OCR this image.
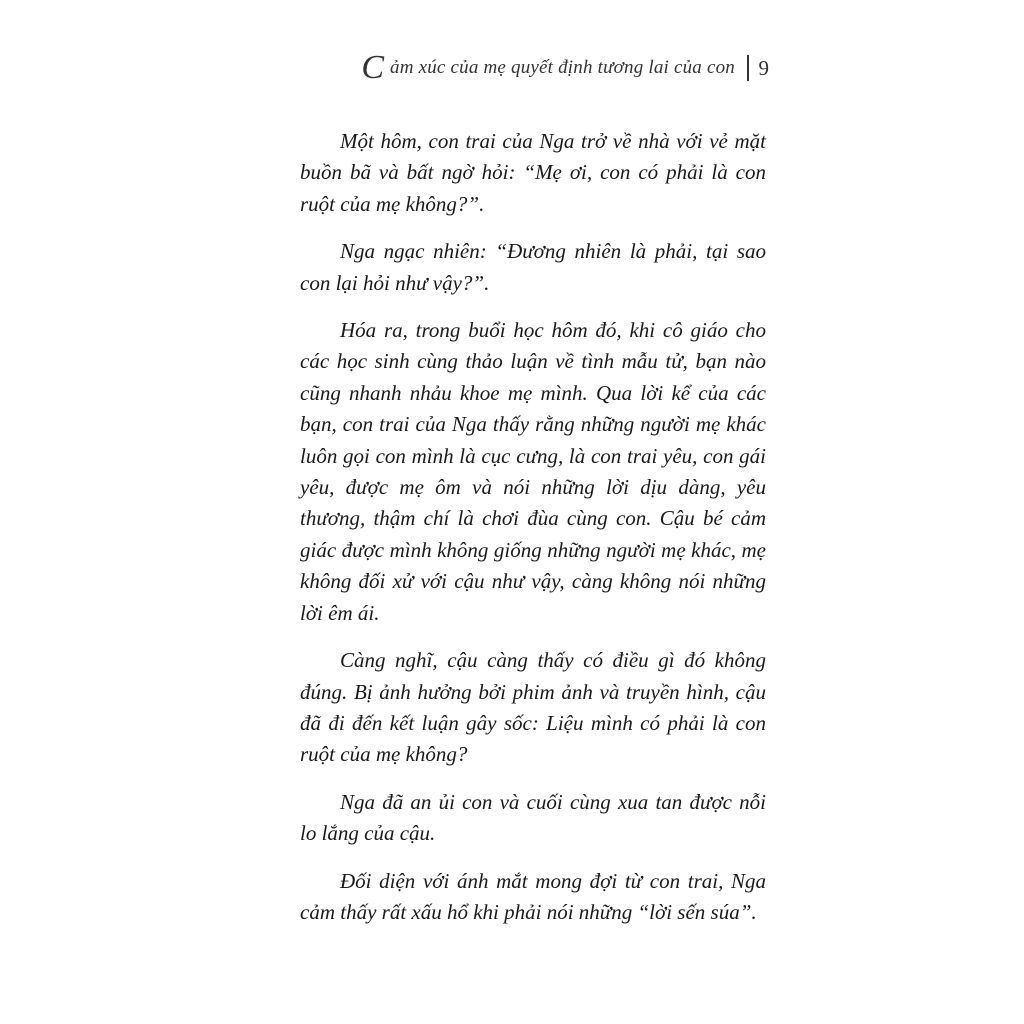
C ảm xúc của mẹ quyết định tương lai của con 9

Một hôm, con trai của Nga trở về nhà với vẻ mặt buồn bã và bất ngờ hỏi: “Mẹ ơi, con có phải là con ruột của mẹ không?”.

Nga ngạc nhiên: “Đương nhiên là phải, tại sao con lại hỏi như vậy?”.

Hóa ra, trong buổi học hôm đó, khi cô giáo cho các học sinh cùng thảo luận về tình mẫu tử, bạn nào cũng nhanh nhảu khoe mẹ mình. Qua lời kể của các bạn, con trai của Nga thấy rằng những người mẹ khác luôn gọi con mình là cục cưng, là con trai yêu, con gái yêu, được mẹ ôm và nói những lời dịu dàng, yêu thương, thậm chí là chơi đùa cùng con. Cậu bé cảm giác được mình không giống những người mẹ khác, mẹ không đối xử với cậu như vậy, càng không nói những lời êm ái.

Càng nghĩ, cậu càng thấy có điều gì đó không đúng. Bị ảnh hưởng bởi phim ảnh và truyền hình, cậu đã đi đến kết luận gây sốc: Liệu mình có phải là con ruột của mẹ không?

Nga đã an ủi con và cuối cùng xua tan được nỗi lo lắng của cậu.

Đối diện với ánh mắt mong đợi từ con trai, Nga cảm thấy rất xấu hổ khi phải nói những “lời sến súa”.
